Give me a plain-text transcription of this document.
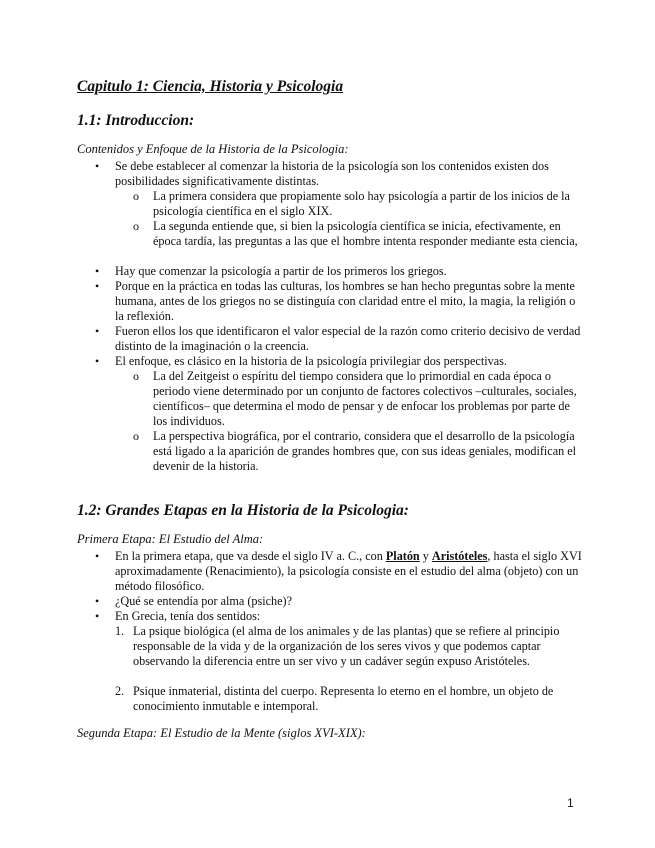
Capitulo 1: Ciencia, Historia y Psicologia
1.1: Introduccion:
Contenidos y Enfoque de la Historia de la Psicologia:
• Se debe establecer al comenzar la historia de la psicología son los contenidos existen dos posibilidades significativamente distintas.

o La primera considera que propiamente solo hay psicología a partir de los inicios de la psicología científica en el siglo XIX.

o La segunda entiende que, si bien la psicología científica se inicia, efectivamente, en época tardía, las preguntas a las que el hombre intenta responder mediante esta ciencia,

• Hay que comenzar la psicología a partir de los primeros los griegos.

• Porque en la práctica en todas las culturas, los hombres se han hecho preguntas sobre la mente humana, antes de los griegos no se distinguía con claridad entre el mito, la magia, la religión o la reflexión.

• Fueron ellos los que identificaron el valor especial de la razón como criterio decisivo de verdad distinto de la imaginación o la creencia.

• El enfoque, es clásico en la historia de la psicología privilegiar dos perspectivas.

o La del Zeitgeist o espíritu del tiempo considera que lo primordial en cada época o periodo viene determinado por un conjunto de factores colectivos –culturales, sociales, científicos– que determina el modo de pensar y de enfocar los problemas por parte de los individuos.

o La perspectiva biográfica, por el contrario, considera que el desarrollo de la psicología está ligado a la aparición de grandes hombres que, con sus ideas geniales, modifican el devenir de la historia.

1.2: Grandes Etapas en la Historia de la Psicologia:
Primera Etapa: El Estudio del Alma:
• En la primera etapa, que va desde el siglo IV a. C., con Platón y Aristóteles, hasta el siglo XVI aproximadamente (Renacimiento), la psicología consiste en el estudio del alma (objeto) con un método filosófico.

• ¿Qué se entendía por alma (psiche)?

• En Grecia, tenía dos sentidos:

1. La psique biológica (el alma de los animales y de las plantas) que se refiere al principio responsable de la vida y de la organización de los seres vivos y que podemos captar observando la diferencia entre un ser vivo y un cadáver según expuso Aristóteles.

2. Psique inmaterial, distinta del cuerpo. Representa lo eterno en el hombre, un objeto de conocimiento inmutable e intemporal.

Segunda Etapa: El Estudio de la Mente (siglos XVI-XIX):
1
